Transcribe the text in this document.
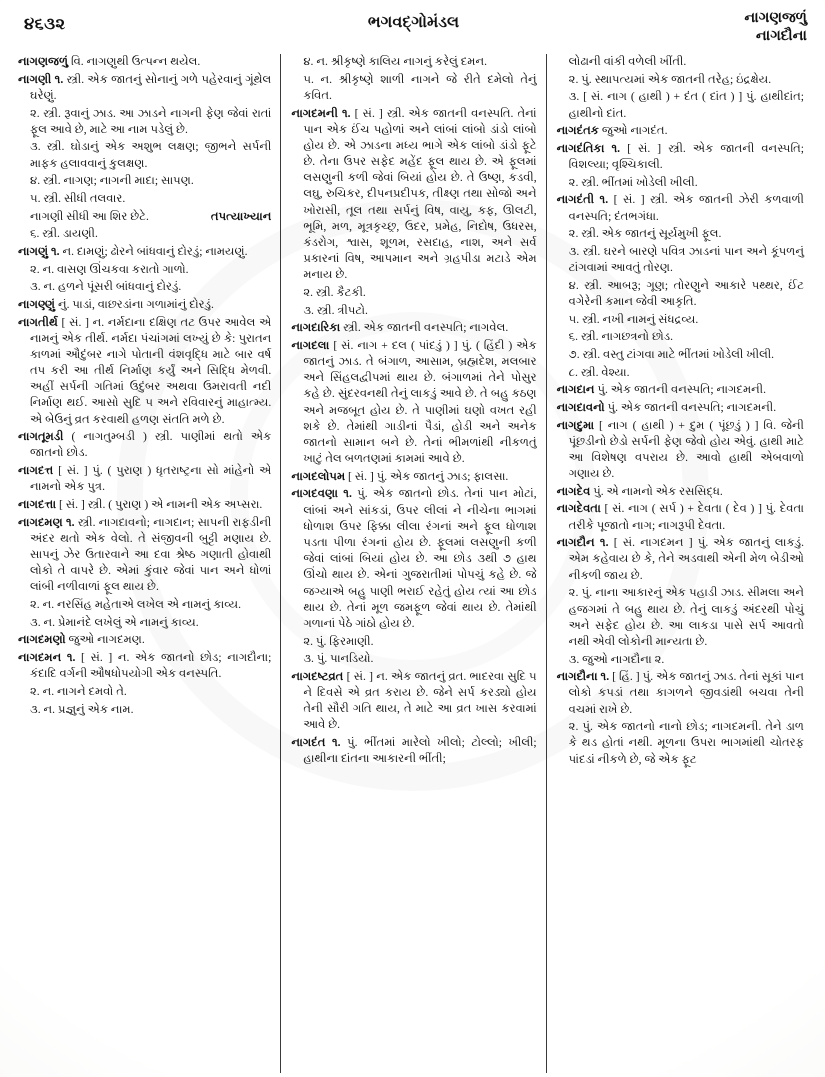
૪૬૩૨	ભગવદ્ગોમંડલ	નાગણજળું
નાગદૌના

નાગણજળું વિ. નાગણુથી ઉત્પન્ન થયેલ.

નાગણી ૧. સ્ત્રી. એક જાતનું સોનાનું ગળે પહેરવાનું ગૂંથેલ ઘરેણું.

૨. સ્ત્રી. રૂવાનું ઝાડ. આ ઝાડને નાગની ફેણ જેવાં રાતાં ફૂલ આવે છે, માટે આ નામ પડેલું છે.

૩. સ્ત્રી. ઘોડાનું એક અશુભ લક્ષણ; જીભને સર્પની માફક હલાવવાનું કુલક્ષણ.

૪. સ્ત્રી. નાગણ; નાગની માદા; સાપણ.

૫. સ્ત્રી. સીધી તલવાર.

તપત્યાખ્યાન
નાગણી સીધી આ શિર છેટે.

૬. સ્ત્રી. ડાયણી.

નાગણું ૧. ન. દામણું; ઢોરને બાંધવાનું દોરડું; નામયણું.

૨. ન. વાસણ ઊંચકવા કરાતો ગાળો.

૩. ન. હળને પૂંસરી બાંધવાનું દોરડું.

નાગણ્ણું નું. પાડાં, વાછરડાંના ગળામાંનું દોરડું.

નાગતીર્થ [ સં. ] ન. નર્મદાના દક્ષિણ તટ ઉપર આવેલ એ નામનું એક તીર્થ. નર્મદા પંચાંગમાં લખ્યું છે કે: પુરાતન કાળમાં ઔદુંબર નાગે પોતાની વંશવૃદ્ધિ માટે બાર વર્ષ તપ કરી આ તીર્થ નિર્માણ કર્યું અને સિદ્ધિ મેળવી. અહીં સર્પની ગતિમાં ઉદુંબર અથવા ઉમરાવતી નદી નિર્માણ થઈ. આસો સુદિ ૫ અને રવિવારનું માહાત્મ્ય. એ બેઉનું વ્રત કરવાથી હળણ સંતતિ મળે છે.

નાગતૂમડી ( નાગતુમ્બડી ) સ્ત્રી. પાણીમાં થતો એક જાતનો છોડ.

નાગદત્ત [ સં. ] પું. ( પુરાણ ) ધૃતરાષ્ટ્રના સો માંહેનો એ નામનો એક પુત્ર.

નાગદત્તા [ સં. ] સ્ત્રી. ( પુરાણ ) એ નામની એક અપ્સરા.

નાગદમણ ૧. સ્ત્રી. નાગદાવનો; નાગદાન; સાપની રાફડીની અંદર થતો એક વેલો. તે સંજીવની બુટ્ટી મણાય છે. સાપનું ઝેર ઉતારવાને આ દવા શ્રેષ્ઠ ગણાતી હોવાથી લોકો તે વાપરે છે. એમાં કુંવાર જેવાં પાન અને ધોળાં લાંબી નળીવાળાં ફૂલ થાય છે.

૨. ન. નરસિંહ મહેતાએ લખેલ એ નામનું કાવ્ય.

૩. ન. પ્રેમાનંદે લખેલું એ નામનું કાવ્ય.

નાગદમણો જુઓ નાગદમણ.

નાગદમન ૧. [ સં. ] ન. એક જાતનો છોડ; નાગદૌના; કંદાદિ વર્ગની ઔષધોપયોગી એક વનસ્પતિ.

૨. ન. નાગને દમવો તે.

૩. ન. પ્રજ્ઞુનું એક નામ.

૪. ન. શ્રીકૃષ્ણે કાલિય નાગનું કરેલું દમન.

૫. ન. શ્રીકૃષ્ણે શાળી નાગને જે રીતે દમેલો તેનું કવિત.

નાગદમની ૧. [ સં. ] સ્ત્રી. એક જાતની વનસ્પતિ. તેનાં પાન એક ઈંચ પહોળાં અને લાંબાં લાંબો ડાંડો લાંબો હોય છે. એ ઝાડના મધ્ય ભાગે એક લાંબો ડાંડો ફૂટે છે. તેના ઉપર સફેદ મહેંદ ફૂલ થાય છે. એ ફૂલમાં લસણુની કળી જેવાં બિયાં હોય છે. તે ઉષ્ણ, કડવી, લઘુ, રુચિકર, દીપનપ્રદીપક, તીક્ષ્ણ તથા સોજો અને ખોરાસી, તૂલ તથા સર્પનું વિષ, વાયુ, કફ, ઊલટી, ભૂમિ, મળ, મૂત્રકૃચ્છ્ર, ઉદર, પ્રમેહ, નિદોષ, ઉધરસ, કંડરોગ, શ્વાસ, શૂળમ, રસદાહ, નાશ, અને સર્વ પ્રકારનાં વિષ, આપમાન અને ગ્રહપીડા મટાડે એમ મનાય છે.

૨. સ્ત્રી. કૈટકી.

૩. સ્ત્રી. ત્રીપટો.

નાગદારિકા સ્ત્રી. એક જાતની વનસ્પતિ; નાગવેલ.

નાગદલા [ સં. નાગ + દલ ( પાંદડું ) ] પું. ( હિંદી ) એક જાતનું ઝાડ. તે બંગાળ, આસામ, બ્રહ્મદેશ, મલબાર અને સિંહલદ્વીપમાં થાય છે. બંગાળમાં તેને પોસુર કહે છે. સુંદરવનથી તેનું લાકડું આવે છે. તે બહુ કઠણ અને મજબૂત હોય છે. તે પાણીમાં ઘણો વખત રહી શકે છે. તેમાંથી ગાડીનાં પૈડાં, હોડી અને અનેક જાતનો સામાન બને છે. તેનાં ભીમળાંથી નીકળતું ખાટું તેલ બળતણમાં કામમાં આવે છે.

નાગદલોપમ [ સં. ] પું. એક જાતનું ઝાડ; ફાલસા.

નાગદવણા ૧. પું. એક જાતનો છોડ. તેનાં પાન મોટાં, લાંબાં અને સાંકડાં, ઉપર લીલાં ને નીચેના ભાગમાં ધોળાશ ઉપર ફિક્કા લીલા રંગનાં અને ફૂલ ધોળાશ પડતા પીળા રંગનાં હોય છે. ફૂલમાં લસણુની કળી જેવાં લાંબાં બિયાં હોય છે. આ છોડ ૩થી ૭ હાથ ઊંચો થાય છે. એનાં ગુજરાતીમાં પોપચું કહે છે. જે જગ્યાએ બહુ પાણી ભરાઈ રહેતું હોય ત્યાં આ છોડ થાય છે. તેનાં મૂળ જમફૂળ જેવાં થાય છે. તેમાંથી ગળાનાં પેઠે ગાંઠો હોય છે.

૨. પું. ફિરમાણી.

૩. પું. પાનડિયો.

નાગદષ્ટવ્રત [ સં. ] ન. એક જાતનું વ્રત. ભાદરવા સુદિ ૫ ને દિવસે એ વ્રત કરાય છે. જેને સર્પ કરડ્યો હોય તેની સૌરી ગતિ થાય, તે માટે આ વ્રત ખાસ કરવામાં આવે છે.

નાગદંત ૧. પું. ભીંતમાં મારેલો ખીલો; ટોલ્લો; ખીલી; હાથીના દાંતના આકારની ભીંતી;

લોઢાની વાંકી વળેલી ખીંતી.

૨. પું. સ્થાપત્યમાં એક જાતની તરેહ; ઇંદ્રક્ષેય.

૩. [ સં. નાગ ( હાથી ) + દંત ( દાંત ) ] પું. હાથીદાંત; હાથીનો દાંત.

નાગદંતક જુઓ નાગદંત.

નાગદંતિકા ૧. [ સં. ] સ્ત્રી. એક જાતની વનસ્પતિ; વિશલ્યા; વૃશ્ચિકાલી.

૨. સ્ત્રી. ભીંતમાં ખોડેલી ખીલી.

નાગદંતી ૧. [ સં. ] સ્ત્રી. એક જાતની ઝેરી કળવાળી વનસ્પતિ; દંતભગંધા.

૨. સ્ત્રી. એક જાતનું સૂર્યમુખી ફૂલ.

૩. સ્ત્રી. ઘરને બારણે પવિત્ર ઝાડનાં પાન અને કૂંપળનું ટાંગવામાં આવતું તોરણ.

૪. સ્ત્રી. આબરૂ; ગૂણ; તોરણુને આકારે પથ્થર, ઈંટ વગેરેની કમાન જેવી આકૃતિ.

૫. સ્ત્રી. નખી નામનું સંધદ્રવ્ય.

૬. સ્ત્રી. નાગછત્રનો છોડ.

૭. સ્ત્રી. વસ્તુ ટાંગવા માટે ભીંતમાં ખોડેલી ખીલી.

૮. સ્ત્રી. વેશ્યા.

નાગદાન પું. એક જાતની વનસ્પતિ; નાગદમની.

નાગદાવનો પું. એક જાતની વનસ્પતિ; નાગદમની.

નાગદુમા [ નાગ ( હાથી ) + દુમ ( પૂંછડું ) ] વિ. જેની પૂંછડીનો છેડો સર્પની ફેણ જેવો હોય એવું. હાથી માટે આ વિશેષણ વપરાય છે. આવો હાથી એબવાળો ગણાય છે.

નાગદેવ પું. એ નામનો એક રસસિદ્ધ.

નાગદેવતા [ સં. નાગ ( સર્પ ) + દેવતા ( દેવ ) ] પું. દેવતા તરીકે પૂજાતો નાગ; નાગરૂપી દેવતા.

નાગદૌન ૧. [ સં. નાગદમન ] પું. એક જાતનું લાકડું. એમ કહેવાય છે કે, તેને અડવાથી એની મેળ બેડીઓ નીકળી જાય છે.

૨. પું. નાના આકારનું એક પહાડી ઝાડ. સીમલા અને હજગમાં તે બહુ થાય છે. તેનું લાકડું અંદરથી પોચું અને સફેદ હોય છે. આ લાકડા પાસે સર્પ આવતો નથી એવી લોકોની માન્યતા છે.

૩. જુઓ નાગદૌના ૨.

નાગદૌના ૧. [ હિં. ] પું. એક જાતનું ઝાડ. તેનાં સૂકાં પાન લોકો કપડાં તથા કાગળને જીવડાંથી બચવા તેની વચમાં રાખે છે.

૨. પું. એક જાતનો નાનો છોડ; નાગદમની. તેને ડાળ કે થડ હોતાં નથી. મૂળના ઉપરા ભાગમાંથી ચોતરફ પાંદડાં નીકળે છે, જે એક ફૂટ
